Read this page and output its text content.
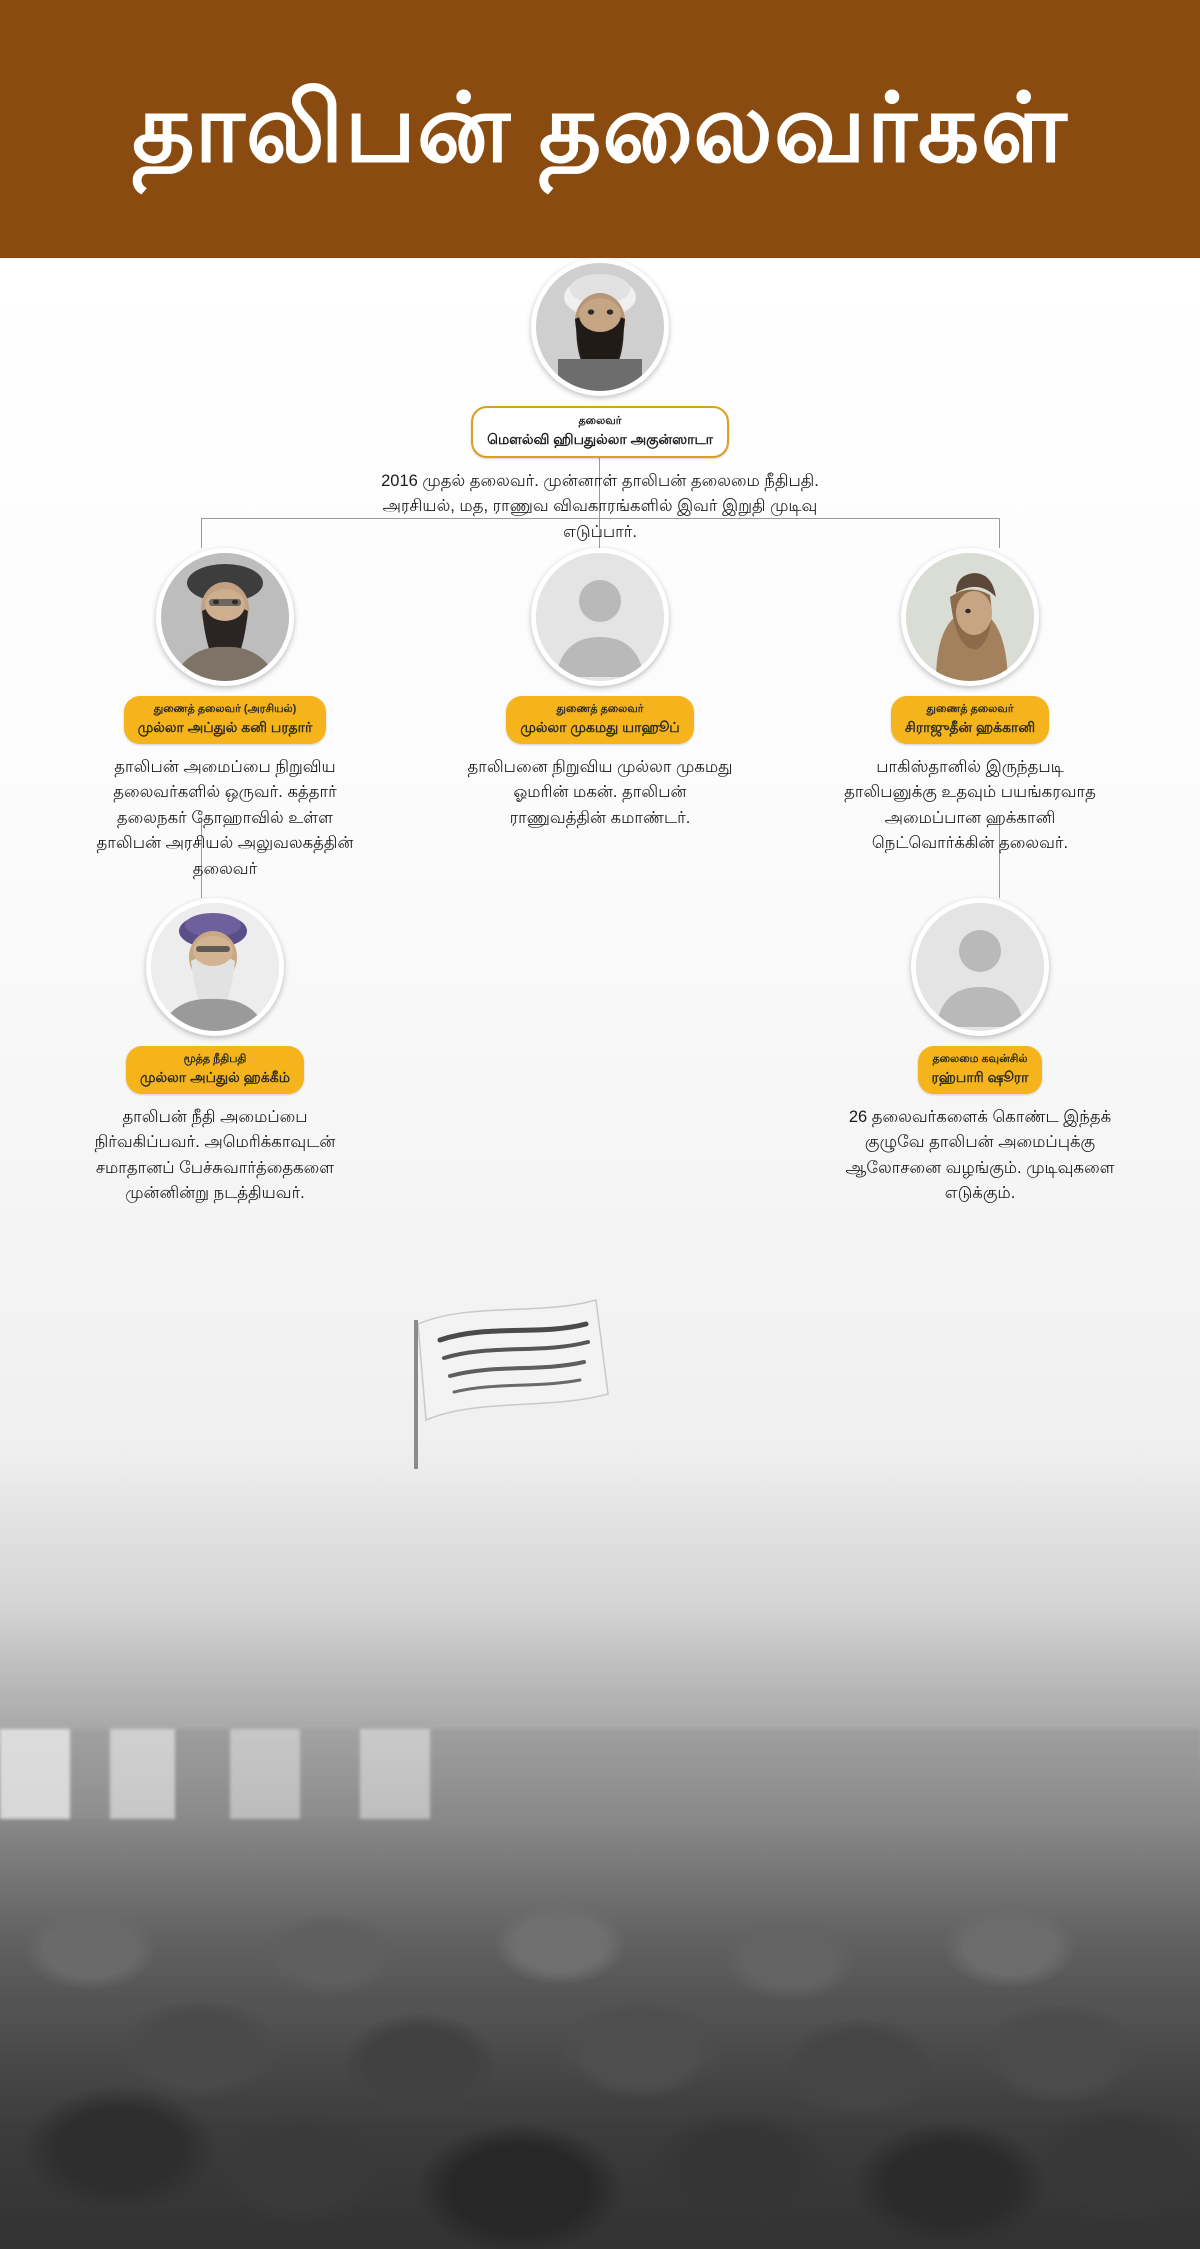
தாலிபன் தலைவர்கள்
தலைவர்
மௌல்வி ஹிபதுல்லா அகுன்ஸாடா
2016 முதல் தலைவர். முன்னாள் தாலிபன் தலைமை நீதிபதி. அரசியல், மத, ராணுவ விவகாரங்களில் இவர் இறுதி முடிவு எடுப்பார்.
துணைத் தலைவர் (அரசியல்)
முல்லா அப்துல் கனி பரதார்
தாலிபன் அமைப்பை நிறுவிய தலைவர்களில் ஒருவர். கத்தார் தலைநகர் தோஹாவில் உள்ள தாலிபன் அரசியல் அலுவலகத்தின் தலைவர்
துணைத் தலைவர்
முல்லா முகமது யாஹூப்
தாலிபனை நிறுவிய முல்லா முகமது ஓமரின் மகன். தாலிபன் ராணுவத்தின் கமாண்டர்.
துணைத் தலைவர்
சிராஜுதீன் ஹக்கானி
பாகிஸ்தானில் இருந்தபடி தாலிபனுக்கு உதவும் பயங்கரவாத அமைப்பான ஹக்கானி நெட்வொர்க்கின் தலைவர்.
மூத்த நீதிபதி
முல்லா அப்துல் ஹக்கீம்
தாலிபன் நீதி அமைப்பை நிர்வகிப்பவர். அமெரிக்காவுடன் சமாதானப் பேச்சுவார்த்தைகளை முன்னின்று நடத்தியவர்.
தலைமை கவுன்சில்
ரஹ்பாரி ஷூரா
26 தலைவர்களைக் கொண்ட இந்தக் குழுவே தாலிபன் அமைப்புக்கு ஆலோசனை வழங்கும். முடிவுகளை எடுக்கும்.
